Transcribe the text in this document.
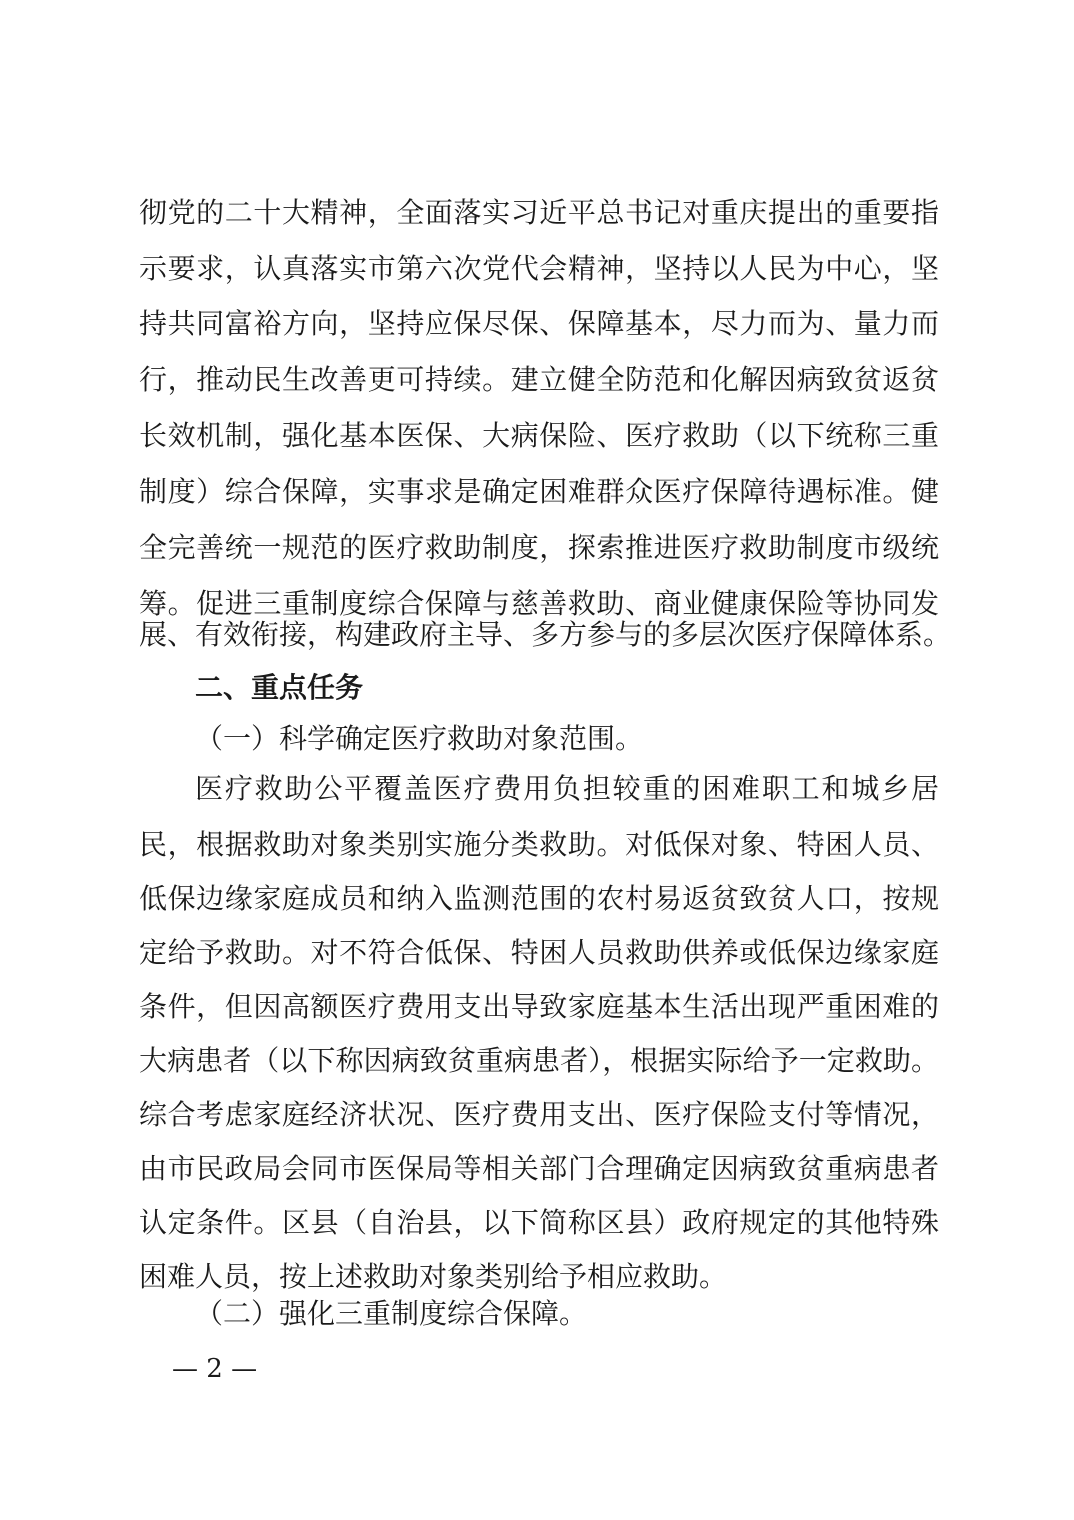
彻党的二十大精神，全面落实习近平总书记对重庆提出的重要指
示要求，认真落实市第六次党代会精神，坚持以人民为中心，坚
持共同富裕方向，坚持应保尽保、保障基本，尽力而为、量力而
行，推动民生改善更可持续。建立健全防范和化解因病致贫返贫
长效机制，强化基本医保、大病保险、医疗救助（以下统称三重
制度）综合保障，实事求是确定困难群众医疗保障待遇标准。健
全完善统一规范的医疗救助制度，探索推进医疗救助制度市级统
筹。促进三重制度综合保障与慈善救助、商业健康保险等协同发
展、有效衔接，构建政府主导、多方参与的多层次医疗保障体系。
二、重点任务
（一）科学确定医疗救助对象范围。
医疗救助公平覆盖医疗费用负担较重的困难职工和城乡居
民，根据救助对象类别实施分类救助。对低保对象、特困人员、
低保边缘家庭成员和纳入监测范围的农村易返贫致贫人口，按规
定给予救助。对不符合低保、特困人员救助供养或低保边缘家庭
条件，但因高额医疗费用支出导致家庭基本生活出现严重困难的
大病患者（以下称因病致贫重病患者），根据实际给予一定救助。
综合考虑家庭经济状况、医疗费用支出、医疗保险支付等情况，
由市民政局会同市医保局等相关部门合理确定因病致贫重病患者
认定条件。区县（自治县，以下简称区县）政府规定的其他特殊
困难人员，按上述救助对象类别给予相应救助。
（二）强化三重制度综合保障。
— 2 —
